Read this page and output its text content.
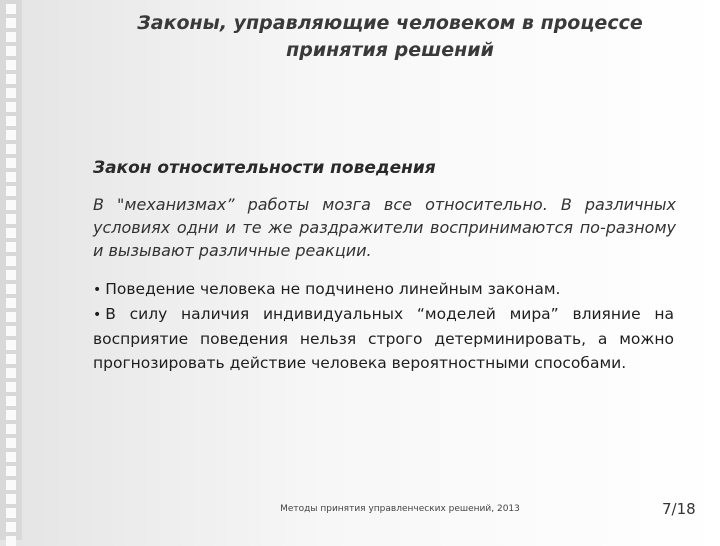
Законы, управляющие человеком в процессе принятия решений
Закон относительности поведения
В "механизмах” работы мозга все относительно. В различных условиях одни и те же раздражители воспринимаются по-разному и вызывают различные реакции.
• Поведение человека не подчинено линейным законам.
• В силу наличия индивидуальных “моделей мира” влияние на восприятие поведения нельзя строго детерминировать, а можно прогнозировать действие человека вероятностными способами.
Методы принятия управленческих решений, 2013	7/18
